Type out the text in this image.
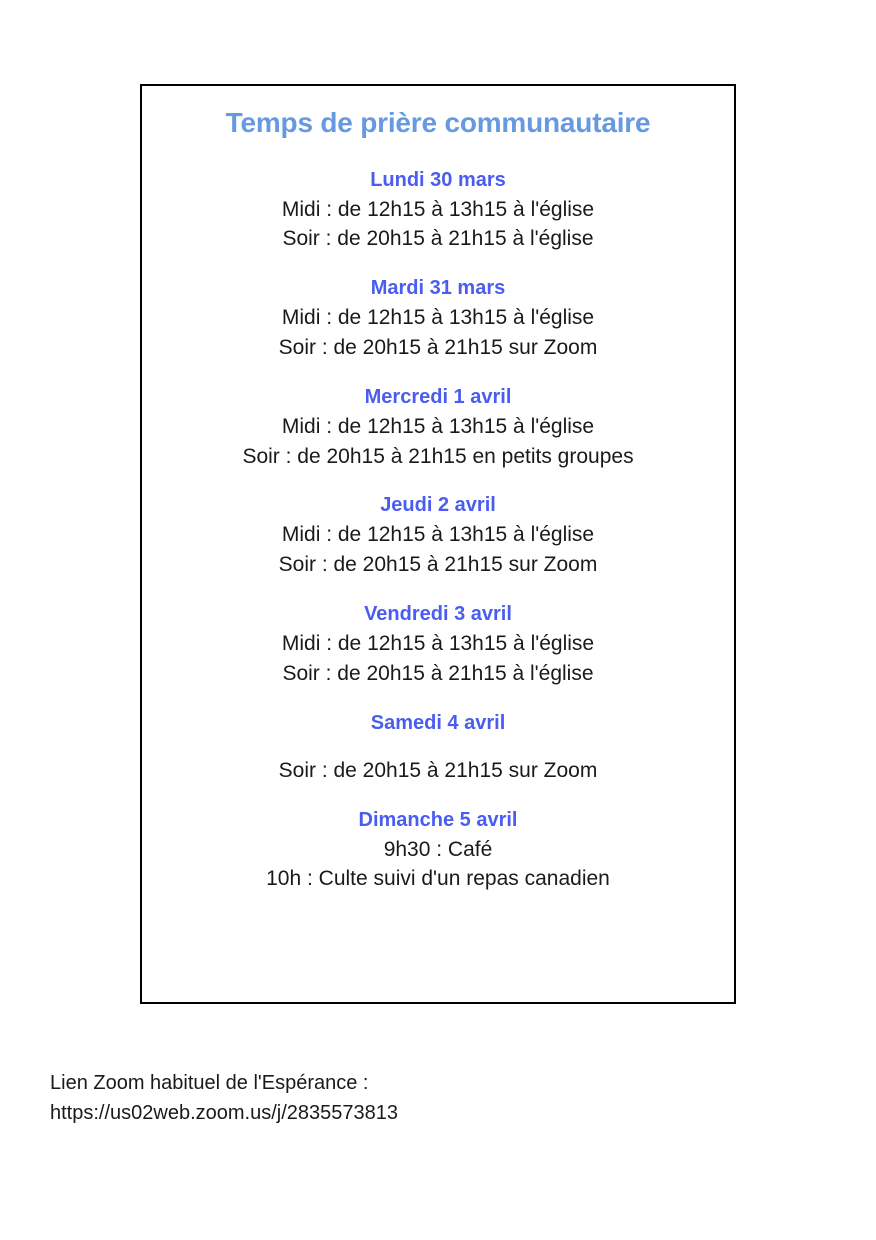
Temps de prière communautaire
Lundi 30 mars
Midi : de 12h15 à 13h15 à l'église
Soir : de 20h15 à 21h15 à l'église
Mardi 31 mars
Midi : de 12h15 à 13h15 à l'église
Soir : de 20h15 à 21h15 sur Zoom
Mercredi 1 avril
Midi : de 12h15 à 13h15 à l'église
Soir : de 20h15 à 21h15 en petits groupes
Jeudi 2 avril
Midi : de 12h15 à 13h15 à l'église
Soir : de 20h15 à 21h15 sur Zoom
Vendredi 3 avril
Midi : de 12h15 à 13h15 à l'église
Soir : de 20h15 à 21h15 à l'église
Samedi 4 avril
Soir : de 20h15 à 21h15 sur Zoom
Dimanche 5 avril
9h30 : Café
10h : Culte suivi d'un repas canadien
Lien Zoom habituel de l'Espérance :
https://us02web.zoom.us/j/2835573813
